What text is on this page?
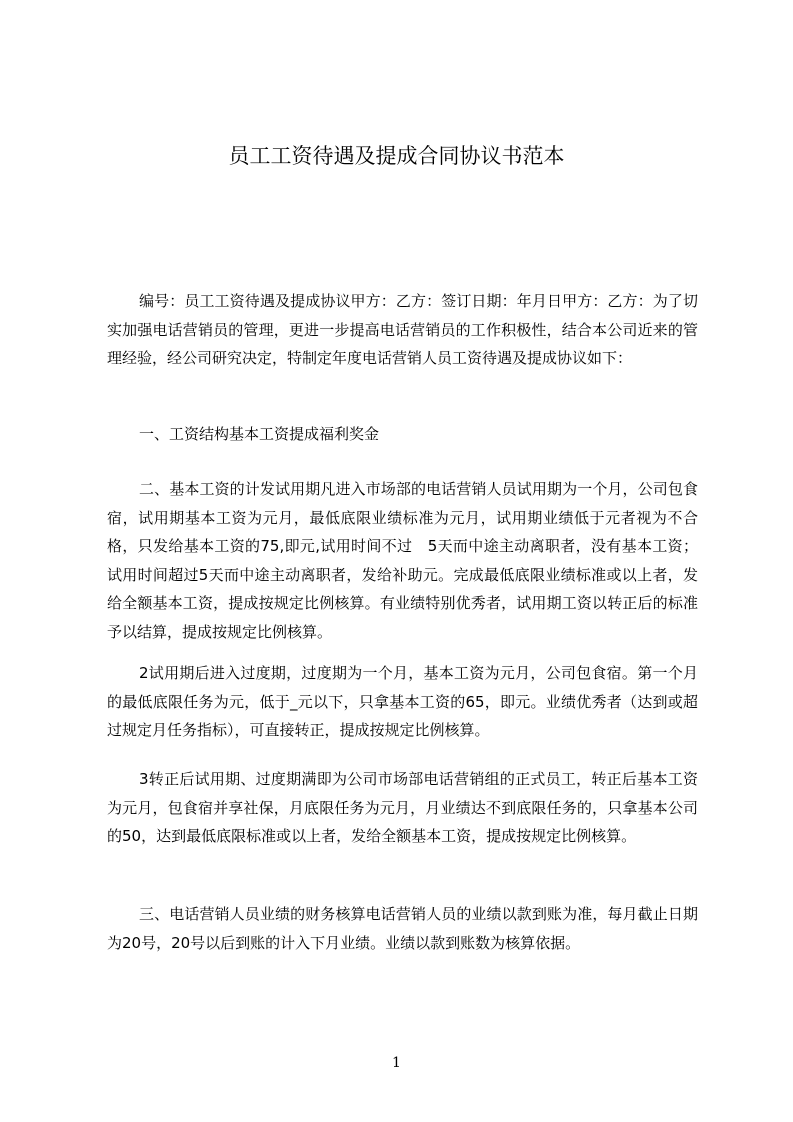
员工工资待遇及提成合同协议书范本

编号：员工工资待遇及提成协议甲方：乙方：签订日期：年月日甲方：乙方：为了切实加强电话营销员的管理，更进一步提高电话营销员的工作积极性，结合本公司近来的管理经验，经公司研究决定，特制定年度电话营销人员工资待遇及提成协议如下：

一、工资结构基本工资提成福利奖金

二、基本工资的计发试用期凡进入市场部的电话营销人员试用期为一个月，公司包食宿，试用期基本工资为元月，最低底限业绩标准为元月，试用期业绩低于元者视为不合格，只发给基本工资的75,即元,试用时间不过　5天而中途主动离职者，没有基本工资；试用时间超过5天而中途主动离职者，发给补助元。完成最低底限业绩标准或以上者，发给全额基本工资，提成按规定比例核算。有业绩特别优秀者，试用期工资以转正后的标准予以结算，提成按规定比例核算。

2试用期后进入过度期，过度期为一个月，基本工资为元月，公司包食宿。第一个月的最低底限任务为元，低于_元以下，只拿基本工资的65，即元。业绩优秀者（达到或超过规定月任务指标），可直接转正，提成按规定比例核算。

3转正后试用期、过度期满即为公司市场部电话营销组的正式员工，转正后基本工资为元月，包食宿并享社保，月底限任务为元月，月业绩达不到底限任务的，只拿基本公司的50，达到最低底限标准或以上者，发给全额基本工资，提成按规定比例核算。

三、电话营销人员业绩的财务核算电话营销人员的业绩以款到账为准，每月截止日期为20号，20号以后到账的计入下月业绩。业绩以款到账数为核算依据。

1
